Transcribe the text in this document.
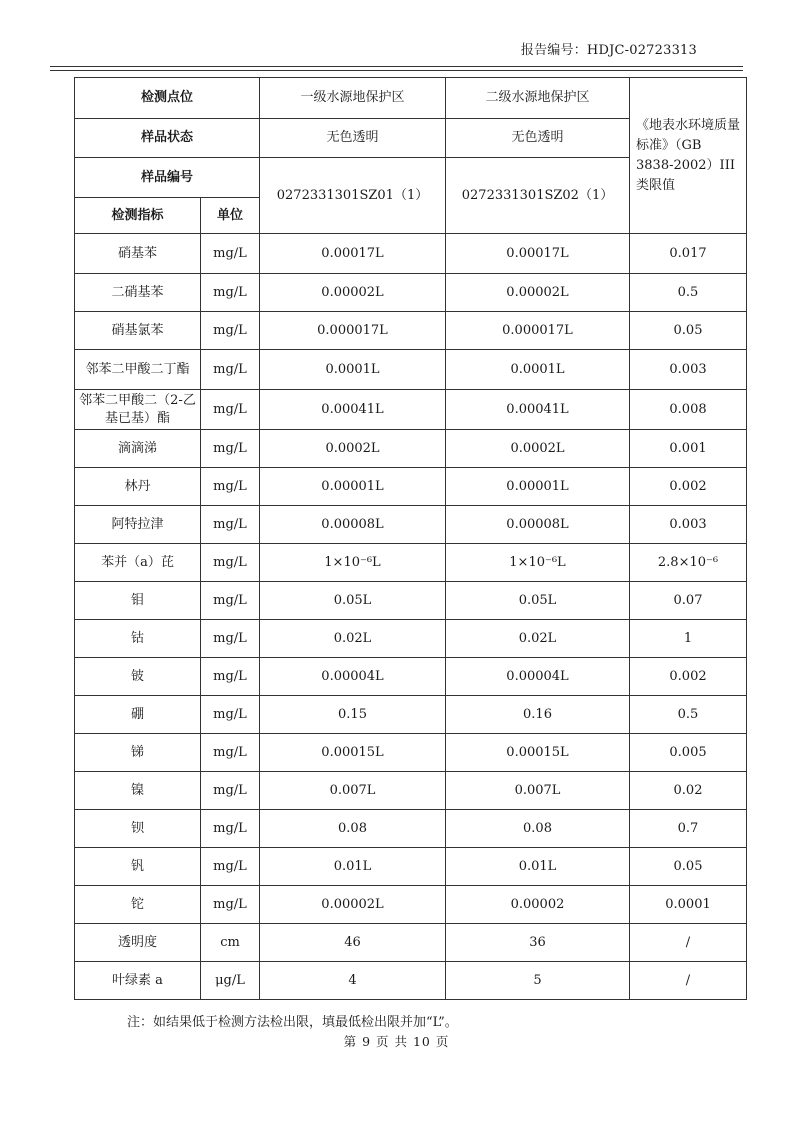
报告编号：HDJC-02723313
检测点位		一级水源地保护区	二级水源地保护区	《地表水环境质量标准》（GB 3838-2002）III类限值
样品状态		无色透明	无色透明	
样品编号		0272331301SZ01（1）	0272331301SZ02（1）	
检测指标	单位			
硝基苯	mg/L	0.00017L	0.00017L	0.017
二硝基苯	mg/L	0.00002L	0.00002L	0.5
硝基氯苯	mg/L	0.000017L	0.000017L	0.05
邻苯二甲酸二丁酯	mg/L	0.0001L	0.0001L	0.003
邻苯二甲酸二（2-乙基已基）酯	mg/L	0.00041L	0.00041L	0.008
滴滴涕	mg/L	0.0002L	0.0002L	0.001
林丹	mg/L	0.00001L	0.00001L	0.002
阿特拉津	mg/L	0.00008L	0.00008L	0.003
苯并（a）芘	mg/L	1×10⁻⁶L	1×10⁻⁶L	2.8×10⁻⁶
钼	mg/L	0.05L	0.05L	0.07
钴	mg/L	0.02L	0.02L	1
铍	mg/L	0.00004L	0.00004L	0.002
硼	mg/L	0.15	0.16	0.5
锑	mg/L	0.00015L	0.00015L	0.005
镍	mg/L	0.007L	0.007L	0.02
钡	mg/L	0.08	0.08	0.7
钒	mg/L	0.01L	0.01L	0.05
铊	mg/L	0.00002L	0.00002	0.0001
透明度	cm	46	36	/
叶绿素 a	μg/L	4	5	/
注：如结果低于检测方法检出限，填最低检出限并加“L”。
第 9 页 共 10 页
